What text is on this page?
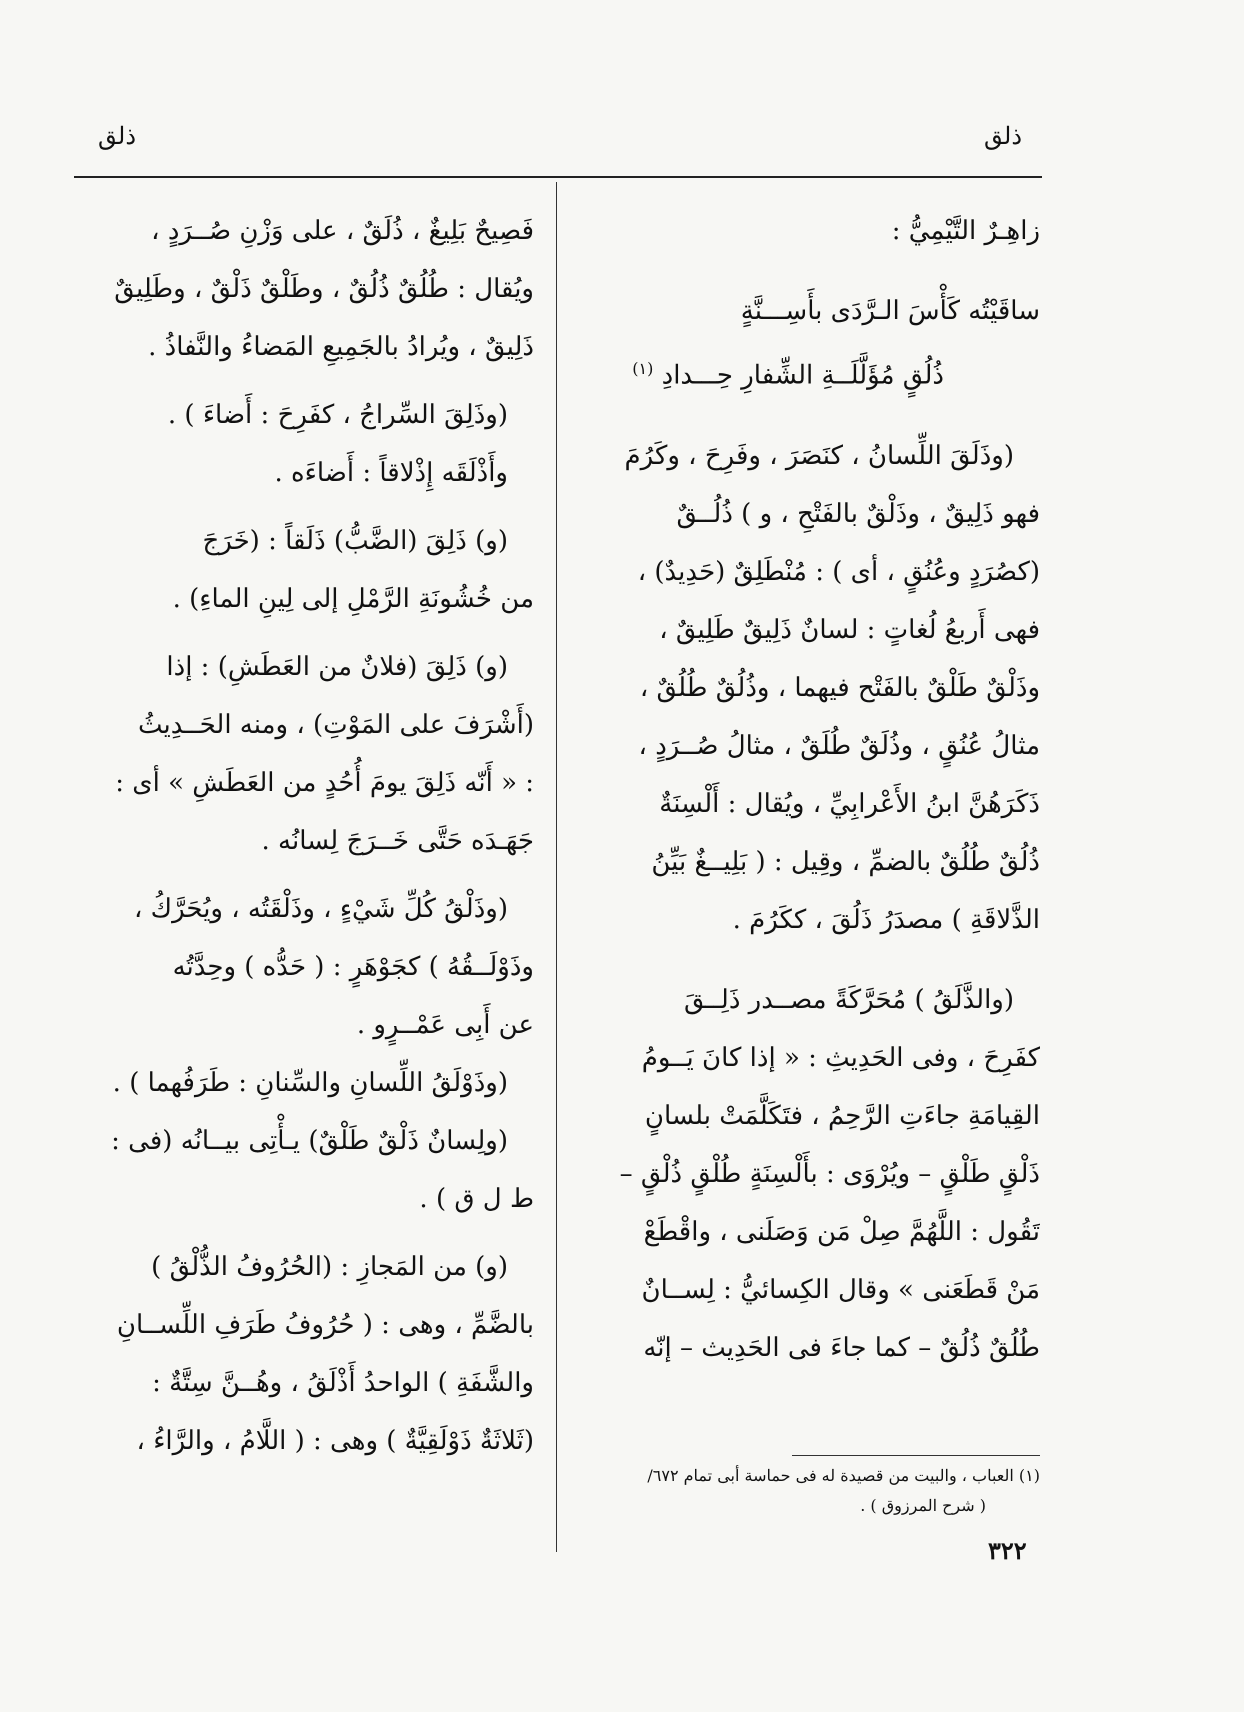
ذلق
ذلق
زاهِـرٌ التَّيْمِيُّ :
ساقَيْتُه كَأْسَ الـرَّدَى بأَسِـــنَّةٍ
ذُلُقٍ مُؤَلَّلَــةِ الشِّفارِ حِـــدادِ $^{(١)}$
(وذَلَقَ اللِّسانُ ، كنَصَرَ ، وفَرِحَ ، وكَرُمَ
فهو ذَلِيقٌ ، وذَلْقٌ بالفَتْحِ ، و ) ذُلُــقٌ
(كصُرَدٍ وعُنُقٍ ، أى ) : مُنْطَلِقٌ (حَدِيدٌ) ،
فهى أَربعُ لُغاتٍ : لسانٌ ذَلِيقٌ طَلِيقٌ ،
وذَلْقٌ طَلْقٌ بالفَتْح فيهما ، وذُلُقٌ طُلُقٌ ،
مثالُ عُنُقٍ ، وذُلَقٌ طُلَقٌ ، مثالُ صُــرَدٍ ،
ذَكَرَهُنَّ ابنُ الأَعْرابِيِّ ، ويُقال : أَلْسِنَةٌ
ذُلُقٌ طُلُقٌ بالضمِّ ، وقِيل : ( بَلِيــغٌ بَيِّنُ
الذَّلاقَةِ ) مصدَرُ ذَلُقَ ، ككَرُمَ .
(والذَّلَقُ ) مُحَرَّكَةً مصــدر ذَلِــقَ
كفَرِحَ ، وفى الحَدِيثِ : « إذا كانَ يَــومُ
القِيامَةِ جاءَتِ الرَّحِمُ ، فتَكَلَّمَتْ بلسانٍ
ذَلْقٍ طَلْقٍ – ويُرْوَى : بأَلْسِنَةٍ طُلْقٍ ذُلْقٍ –
تَقُول : اللَّهُمَّ صِلْ مَن وَصَلَنى ، واقْطَعْ
مَنْ قَطَعَنى » وقال الكِسائيُّ : لِســانٌ
طُلُقٌ ذُلُقٌ – كما جاءَ فى الحَدِيث – إنّه
فَصِيحٌ بَلِيغٌ ، ذُلَقٌ ، على وَزْنِ صُــرَدٍ ،
ويُقال : طُلُقٌ ذُلُقٌ ، وطَلْقٌ ذَلْقٌ ، وطَلِيقٌ
ذَلِيقٌ ، ويُرادُ بالجَمِيعِ المَضاءُ والنَّفاذُ .
(وذَلِقَ السِّراجُ ، كفَرِحَ : أَضاءَ ) .
وأَذْلَقَه إِذْلاقاً : أَضاءَه .
(و) ذَلِقَ (الضَّبُّ) ذَلَقاً : (خَرَجَ
من خُشُونَةِ الرَّمْلِ إلى لِينِ الماءِ) .
(و) ذَلِقَ (فلانٌ من العَطَشِ) : إذا
(أَشْرَفَ على المَوْتِ) ، ومنه الحَــدِيثُ
: « أَنّه ذَلِقَ يومَ أُحُدٍ من العَطَشِ » أى :
جَهَـدَه حَتَّى خَــرَجَ لِسانُه .
(وذَلْقُ كُلِّ شَيْءٍ ، وذَلْقَتُه ، ويُحَرَّكُ ،
وذَوْلَــقُهُ ) كجَوْهَرٍ : ( حَدُّه ) وحِدَّتُه
عن أَبِى عَمْــرٍو .
(وذَوْلَقُ اللِّسانِ والسِّنانِ : طَرَفُهما ) .
(ولِسانٌ ذَلْقٌ طَلْقٌ) يـأْتِى بيــانُه (فى :
ط ل ق ) .
(و) من المَجازِ : (الحُرُوفُ الذُّلْقُ )
بالضَّمِّ ، وهى : ( حُرُوفُ طَرَفِ اللِّســانِ
والشَّفَةِ ) الواحدُ أَذْلَقُ ، وهُــنَّ سِتَّةٌ :
(ثَلاثَةٌ ذَوْلَقِيَّةٌ ) وهى : ( اللَّامُ ، والرَّاءُ ،
(١) العباب ، والبيت من قصيدة له فى حماسة أبى تمام ٦٧٢/
( شرح المرزوق ) .
٣٢٢
